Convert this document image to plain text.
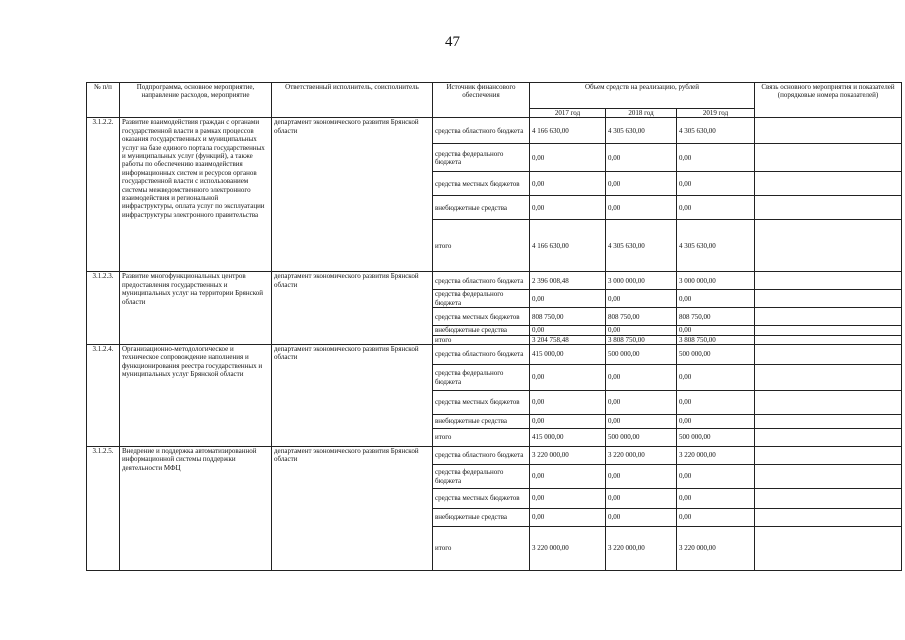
47
№ п/п	Подпрограмма, основное мероприятие, направление расходов, мероприятие	Ответственный исполнитель, соисполнитель	Источник финансового обеспечения	Объем средств на реализацию, рублей			Связь основного мероприятия и показателей (порядковые номера показателей)
				2017 год	2018 год	2019 год	
3.1.2.2.	Развитие взаимодействия граждан с органами государственной власти в рамках процессов оказания государственных и муниципальных услуг на базе единого портала государственных и муниципальных услуг (функций), а также работы по обеспечению взаимодействия информационных систем и ресурсов органов государственной власти с использованием системы межведомственного электронного взаимодействия и региональной инфраструктуры, оплата услуг по эксплуатации инфраструктуры электронного правительства	департамент экономического развития Брянской области	средства областного бюджета	4 166 630,00	4 305 630,00	4 305 630,00	
			средства федерального бюджета	0,00	0,00	0,00	
			средства местных бюджетов	0,00	0,00	0,00	
			внебюджетные средства	0,00	0,00	0,00	
			итого	4 166 630,00	4 305 630,00	4 305 630,00	
3.1.2.3.	Развитие многофункциональных центров предоставления государственных и муниципальных услуг на территории Брянской области	департамент экономического развития Брянской области	средства областного бюджета	2 396 008,48	3 000 000,00	3 000 000,00	
			средства федерального бюджета	0,00	0,00	0,00	
			средства местных бюджетов	808 750,00	808 750,00	808 750,00	
			внебюджетные средства	0,00	0,00	0,00	
			итого	3 204 758,48	3 808 750,00	3 808 750,00	
3.1.2.4.	Организационно-методологическое и техническое сопровождение наполнения и функционирования реестра государственных и муниципальных услуг Брянской области	департамент экономического развития Брянской области	средства областного бюджета	415 000,00	500 000,00	500 000,00	
			средства федерального бюджета	0,00	0,00	0,00	
			средства местных бюджетов	0,00	0,00	0,00	
			внебюджетные средства	0,00	0,00	0,00	
			итого	415 000,00	500 000,00	500 000,00	
3.1.2.5.	Внедрение и поддержка автоматизированной информационной системы поддержки деятельности МФЦ	департамент экономического развития Брянской области	средства областного бюджета	3 220 000,00	3 220 000,00	3 220 000,00	
			средства федерального бюджета	0,00	0,00	0,00	
			средства местных бюджетов	0,00	0,00	0,00	
			внебюджетные средства	0,00	0,00	0,00	
			итого	3 220 000,00	3 220 000,00	3 220 000,00	
